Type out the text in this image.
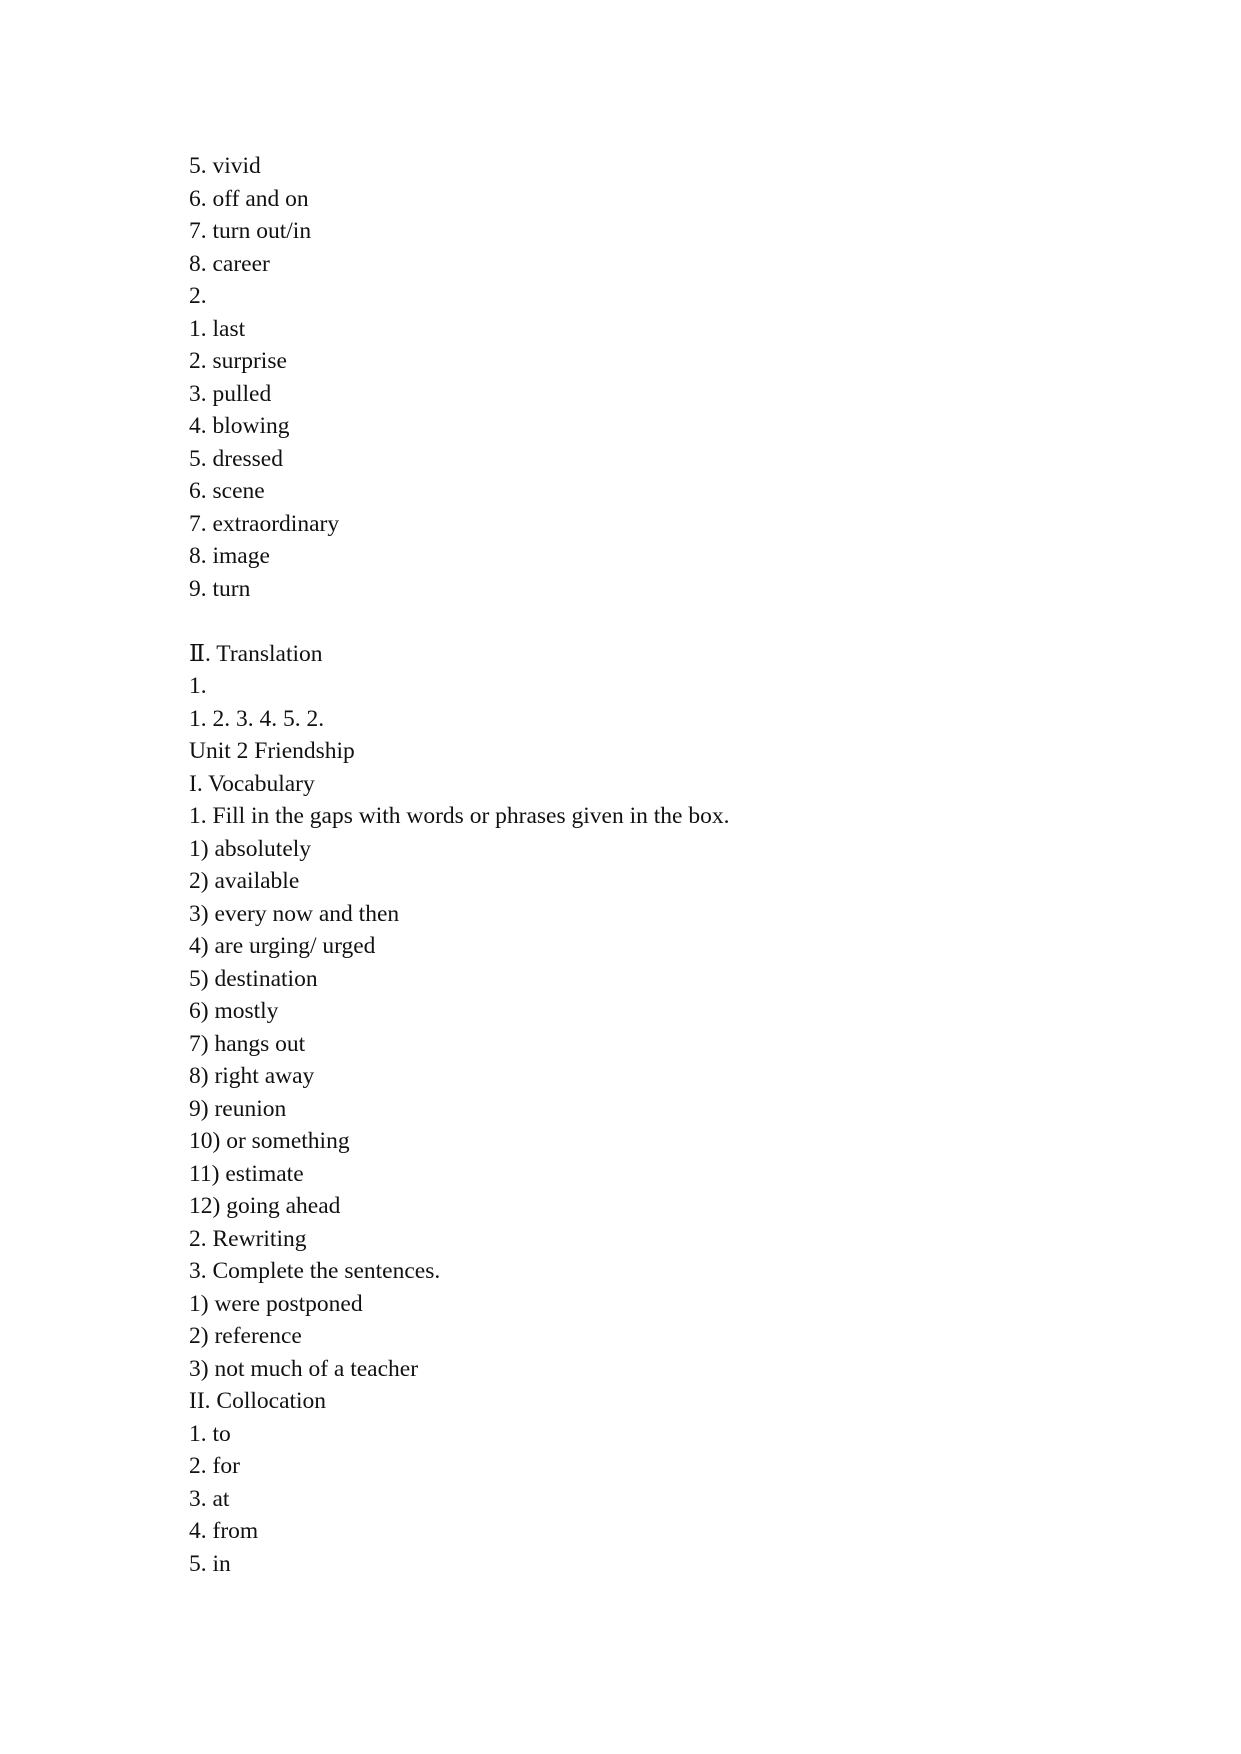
5. vivid
6. off and on
7. turn out/in
8. career
2.
1. last
2. surprise
3. pulled
4. blowing
5. dressed
6. scene
7. extraordinary
8. image
9. turn
Ⅱ. Translation
1.
1. 2. 3. 4. 5. 2.
Unit 2 Friendship
I. Vocabulary
1. Fill in the gaps with words or phrases given in the box.
1) absolutely
2) available
3) every now and then
4) are urging/ urged
5) destination
6) mostly
7) hangs out
8) right away
9) reunion
10) or something
11) estimate
12) going ahead
2. Rewriting
3. Complete the sentences.
1) were postponed
2) reference
3) not much of a teacher
II. Collocation
1. to
2. for
3. at
4. from
5. in
